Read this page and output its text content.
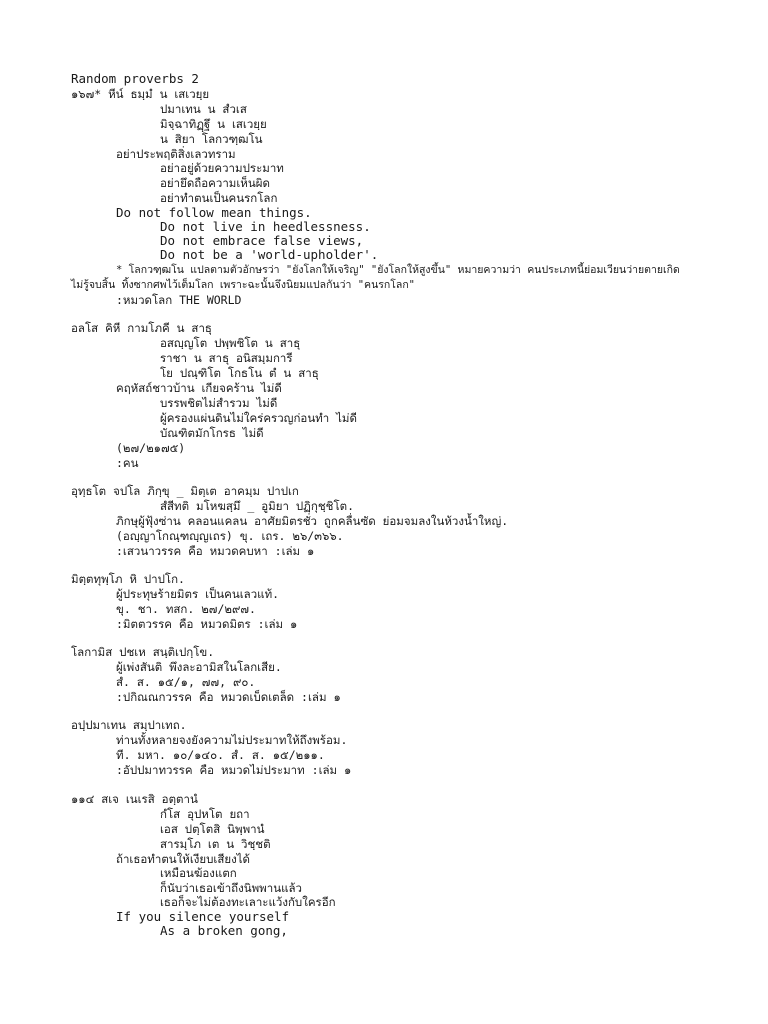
Random proverbs 2
๑๖๗* หีน์ ธมฺมํ น เสเวยฺย
ปมาเทน น สํวเส
มิจฺฉาทิฏฺฐึ น เสเวยฺย
น สิยา โลกวฑฺฒโน
อย่าประพฤติสิ่งเลวทราม
อย่าอยู่ด้วยความประมาท
อย่ายึดถือความเห็นผิด
อย่าทำตนเป็นคนรกโลก
Do not follow mean things.
Do not live in heedlessness.
Do not embrace false views,
Do not be a 'world-upholder'.
* โลกวฑฺฒโน แปลตามตัวอักษรว่า "ยังโลกให้เจริญ" "ยังโลกให้สูงขึ้น" หมายความว่า คนประเภทนี้ย่อมเวียนว่ายตายเกิด
ไม่รู้จบสิ้น ทิ้งซากศพไว้เต็มโลก เพราะฉะนั้นจึงนิยมแปลกันว่า "คนรกโลก"
:หมวดโลก THE WORLD
อลโส คิหี กามโภคี น สาธุ
อสญฺญโต ปพฺพชิโต น สาธุ
ราชา น สาธุ อนิสมฺมการี
โย ปณฺฑิโต โกธโน ตํ น สาธุ
คฤหัสถ์ชาวบ้าน เกียจคร้าน ไม่ดี
บรรพชิตไม่สำรวม ไม่ดี
ผู้ครองแผ่นดินไม่ใคร่ครวญก่อนทำ ไม่ดี
บัณฑิตมักโกรธ ไม่ดี
(๒๗/๒๑๗๕)
:คน
อุทฺธโต จปโล ภิกฺขุ _ มิตฺเต อาคมฺม ปาปเก
สํสีทติ มโหฆสฺมึ _ อูมิยา ปฏิกุชฺชิโต.
ภิกษุผู้ฟุ้งซ่าน คลอนแคลน อาศัยมิตรชั่ว ถูกคลื่นซัด ย่อมจมลงในห้วงน้ำใหญ่.
(อญฺญาโกณฺฑญฺญเถร) ขุ. เถร. ๒๖/๓๖๖.
:เสวนาวรรค คือ หมวดคบหา :เล่ม ๑
มิตฺตทุพฺโภ หิ ปาปโก.
ผู้ประทุษร้ายมิตร เป็นคนเลวแท้.
ขุ. ชา. ทสก. ๒๗/๒๙๗.
:มิตตวรรค คือ หมวดมิตร :เล่ม ๑
โลกามิส ปชเห สนฺติเปกฺโข.
ผู้เพ่งสันติ พึงละอามิสในโลกเสีย.
สํ. ส. ๑๕/๑, ๗๗, ๙๐.
:ปกิณณกวรรค คือ หมวดเบ็ดเตล็ด :เล่ม ๑
อปฺปมาเทน สมฺปาเทถ.
ท่านทั้งหลายจงยังความไม่ประมาทให้ถึงพร้อม.
ที. มหา. ๑๐/๑๔๐. สํ. ส. ๑๕/๒๑๑.
:อัปปมาทวรรค คือ หมวดไม่ประมาท :เล่ม ๑
๑๑๔ สเจ เนเรสิ อตฺตานํ
กํโส อุปหโต ยถา
เอส ปตฺโตสิ นิพฺพานํ
สารมฺโภ เต น วิชฺชติ
ถ้าเธอทำตนให้เงียบเสียงได้
เหมือนฆ้องแตก
ก็นับว่าเธอเข้าถึงนิพพานแล้ว
เธอก็จะไม่ต้องทะเลาะแว้งกับใครอีก
If you silence yourself
As a broken gong,
